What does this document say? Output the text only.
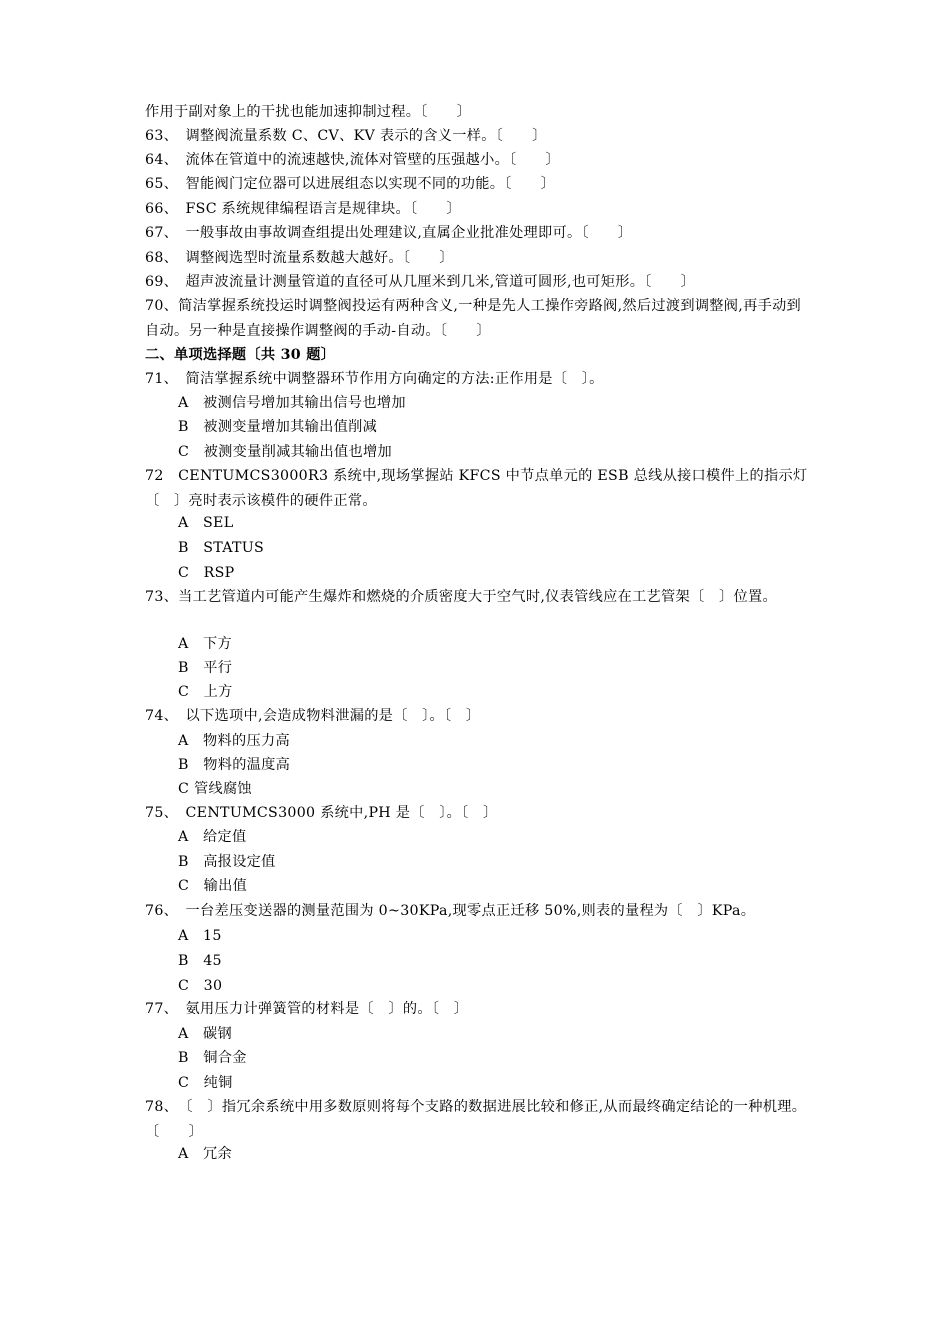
作用于副对象上的干扰也能加速抑制过程。〔　　〕
63、　调整阀流量系数 C、CV、KV 表示的含义一样。〔　　〕
64、　流体在管道中的流速越快,流体对管壁的压强越小。〔　　〕
65、　智能阀门定位器可以进展组态以实现不同的功能。〔　　〕
66、　FSC 系统规律编程语言是规律块。〔　　〕
67、　一般事故由事故调查组提出处理建议,直属企业批准处理即可。〔　　〕
68、　调整阀选型时流量系数越大越好。〔　　〕
69、　超声波流量计测量管道的直径可从几厘米到几米,管道可圆形,也可矩形。〔　　〕
70、简洁掌握系统投运时调整阀投运有两种含义,一种是先人工操作旁路阀,然后过渡到调整阀,再手动到自动。另一种是直接操作调整阀的手动-自动。〔　　〕
二、单项选择题〔共 30 题〕
71、　简洁掌握系统中调整器环节作用方向确定的方法:正作用是〔　〕。
A　被测信号增加其输出信号也增加
B　被测变量增加其输出值削减
C　被测变量削减其输出值也增加
72　CENTUMCS3000R3 系统中,现场掌握站 KFCS 中节点单元的 ESB 总线从接口模件上的指示灯〔　〕亮时表示该模件的硬件正常。
A　SEL
B　STATUS
C　RSP
73、当工艺管道内可能产生爆炸和燃烧的介质密度大于空气时,仪表管线应在工艺管架〔　〕位置。
A　下方
B　平行
C　上方
74、　以下选项中,会造成物料泄漏的是〔　〕。〔　〕
A　物料的压力高
B　物料的温度高
C 管线腐蚀
75、　CENTUMCS3000 系统中,PH 是〔　〕。〔　〕
A　给定值
B　高报设定值
C　输出值
76、　一台差压变送器的测量范围为 0~30KPa,现零点正迁移 50%,则表的量程为〔　〕KPa。
A　15
B　45
C　30
77、　氨用压力计弹簧管的材料是〔　〕的。〔　〕
A　碳钢
B　铜合金
C　纯铜
78、　〔　〕指冗余系统中用多数原则将每个支路的数据进展比较和修正,从而最终确定结论的一种机理。〔　　〕
A　冗余
